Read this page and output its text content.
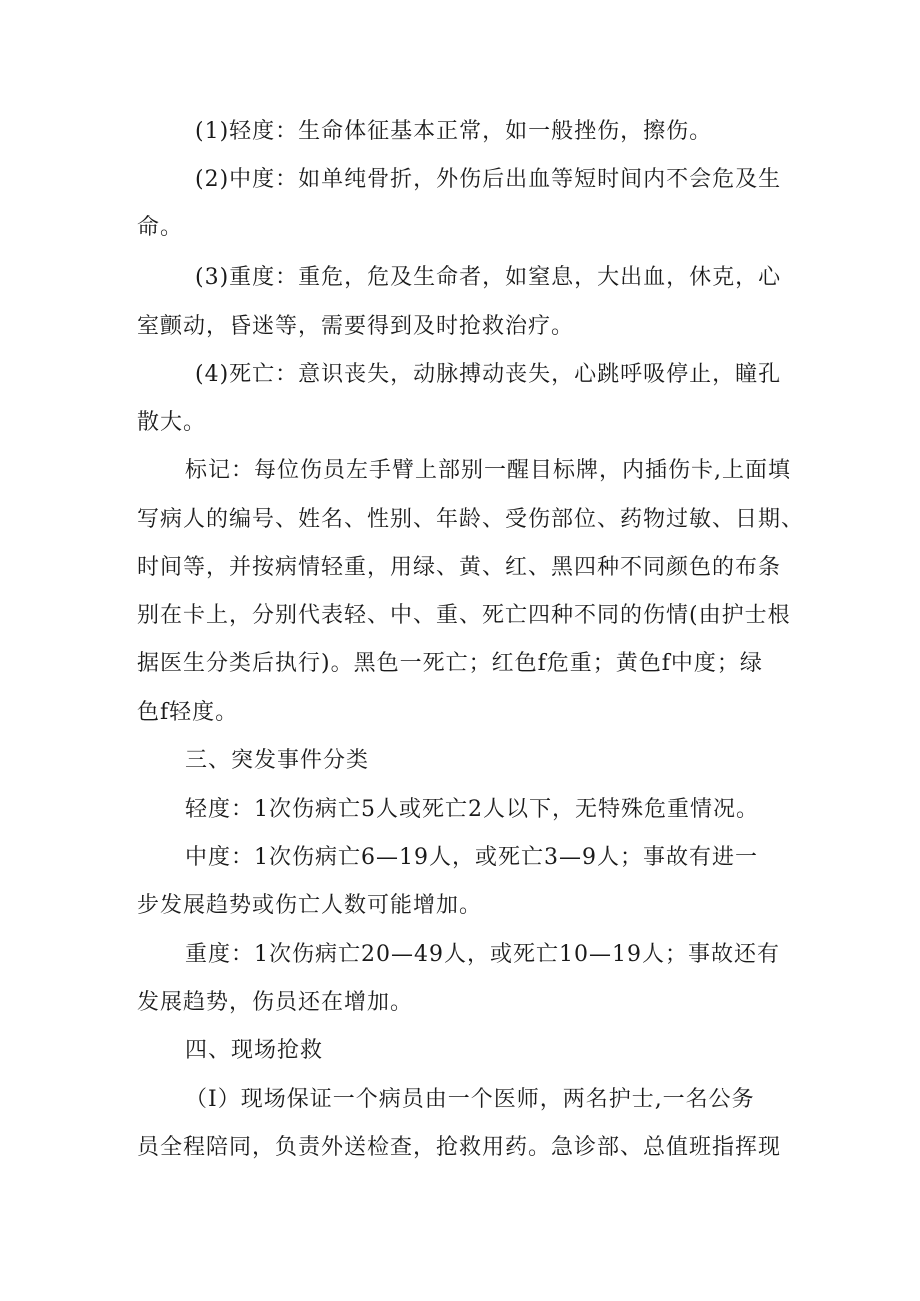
(1)轻度：生命体征基本正常，如一般挫伤，擦伤。
(2)中度：如单纯骨折，外伤后出血等短时间内不会危及生
命。
(3)重度：重危，危及生命者，如窒息，大出血，休克，心
室颤动，昏迷等，需要得到及时抢救治疗。
(4)死亡：意识丧失，动脉搏动丧失，心跳呼吸停止，瞳孔
散大。
标记：每位伤员左手臂上部别一醒目标牌，内插伤卡,上面填
写病人的编号、姓名、性别、年龄、受伤部位、药物过敏、日期、
时间等，并按病情轻重，用绿、黄、红、黑四种不同颜色的布条
别在卡上，分别代表轻、中、重、死亡四种不同的伤情(由护士根
据医生分类后执行)。黑色一死亡；红色f危重；黄色f中度；绿
色f轻度。
三、突发事件分类
轻度：1次伤病亡5人或死亡2人以下，无特殊危重情况。
中度：1次伤病亡6—19人，或死亡3—9人；事故有进一
步发展趋势或伤亡人数可能增加。
重度：1次伤病亡20—49人，或死亡10—19人；事故还有
发展趋势，伤员还在增加。
四、现场抢救
（I）现场保证一个病员由一个医师，两名护士,一名公务
员全程陪同，负责外送检查，抢救用药。急诊部、总值班指挥现
